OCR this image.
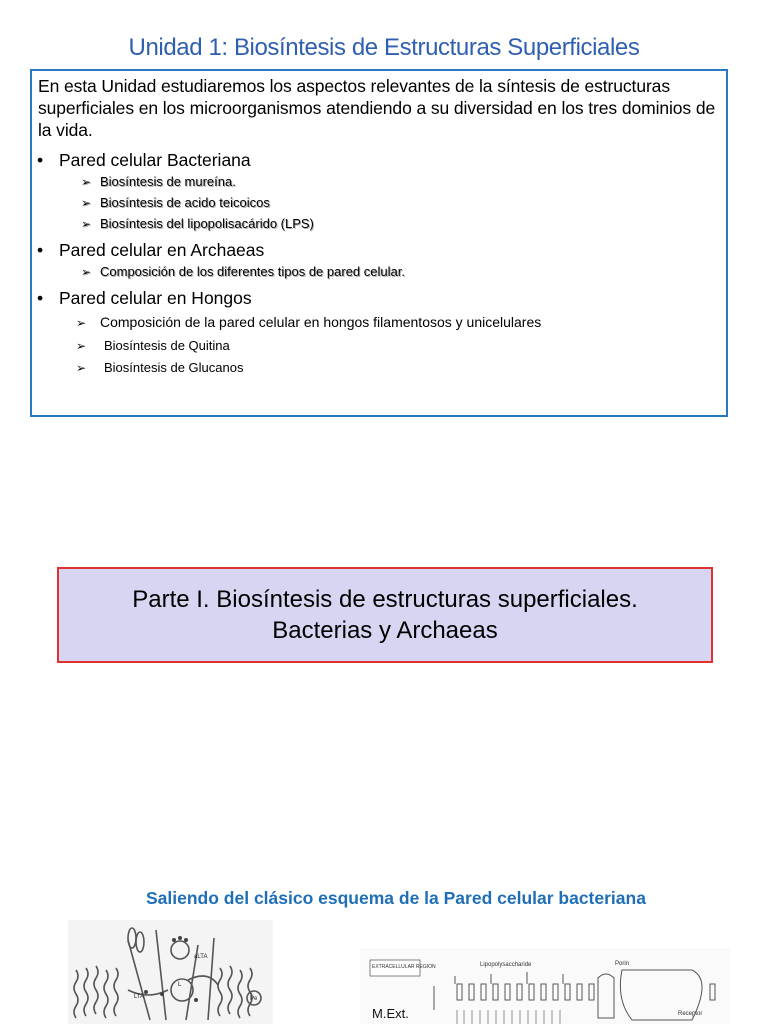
Unidad 1: Biosíntesis de Estructuras Superficiales
En esta Unidad estudiaremos los aspectos relevantes de la síntesis de estructuras superficiales en los microorganismos atendiendo a su diversidad en los tres dominios de la vida.
• Pared celular Bacteriana
➢ Biosíntesis de mureína.
➢ Biosíntesis de acido teicoicos
➢ Biosíntesis del lipopolisacárido (LPS)
• Pared celular en Archaeas
➢ Composición de los diferentes tipos de pared celular.
• Pared celular en Hongos
➢ Composición de la pared celular en hongos filamentosos y unicelulares
➢ Biosíntesis de Quitina
➢ Biosíntesis de Glucanos
Parte I. Biosíntesis de estructuras superficiales.
Bacterias y Archaeas
Saliendo del clásico esquema de la Pared celular bacteriana
aLTA
LTA
L
Pe
EXTRACELLULAR REGION	Lipopolysaccharide	Porin
Receptor
M.Ext.
